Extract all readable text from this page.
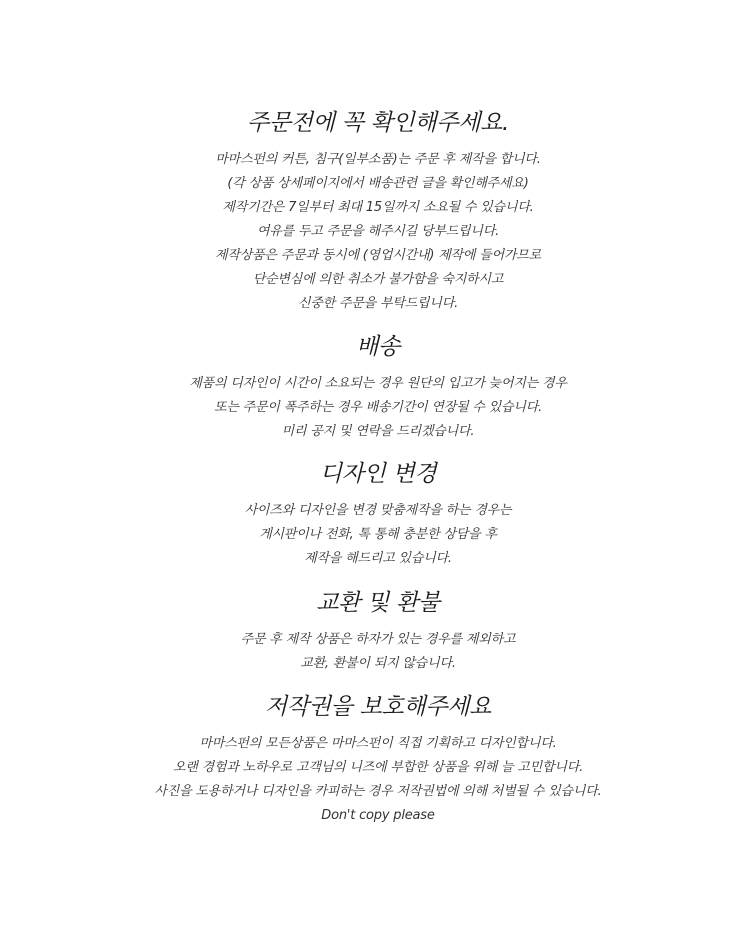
주문전에 꼭 확인해주세요.

마마스펀의 커튼, 침구(일부소품)는 주문 후 제작을 합니다.

(각 상품 상세페이지에서 배송관련 글을 확인해주세요)

제작기간은 7일부터 최대 15일까지 소요될 수 있습니다.

여유를 두고 주문을 해주시길 당부드립니다.

제작상품은 주문과 동시에 (영업시간내) 제작에 들어가므로

단순변심에 의한 취소가 불가함을 숙지하시고

신중한 주문을 부탁드립니다.

배송

제품의 디자인이 시간이 소요되는 경우 원단의 입고가 늦어지는 경우

또는 주문이 폭주하는 경우 배송기간이 연장될 수 있습니다.

미리 공지 및 연락을 드리겠습니다.

디자인 변경

사이즈와 디자인을 변경 맞춤제작을 하는 경우는

게시판이나 전화, 톡 통해 충분한 상담을 후

제작을 해드리고 있습니다.

교환 및 환불

주문 후 제작 상품은 하자가 있는 경우를 제외하고

교환, 환불이 되지 않습니다.

저작권을 보호해주세요

마마스펀의 모든상품은 마마스펀이 직접 기획하고 디자인합니다.

오랜 경험과 노하우로 고객님의 니즈에 부합한 상품을 위해 늘 고민합니다.

사진을 도용하거나 디자인을 카피하는 경우 저작권법에 의해 처벌될 수 있습니다.

Don't copy please
